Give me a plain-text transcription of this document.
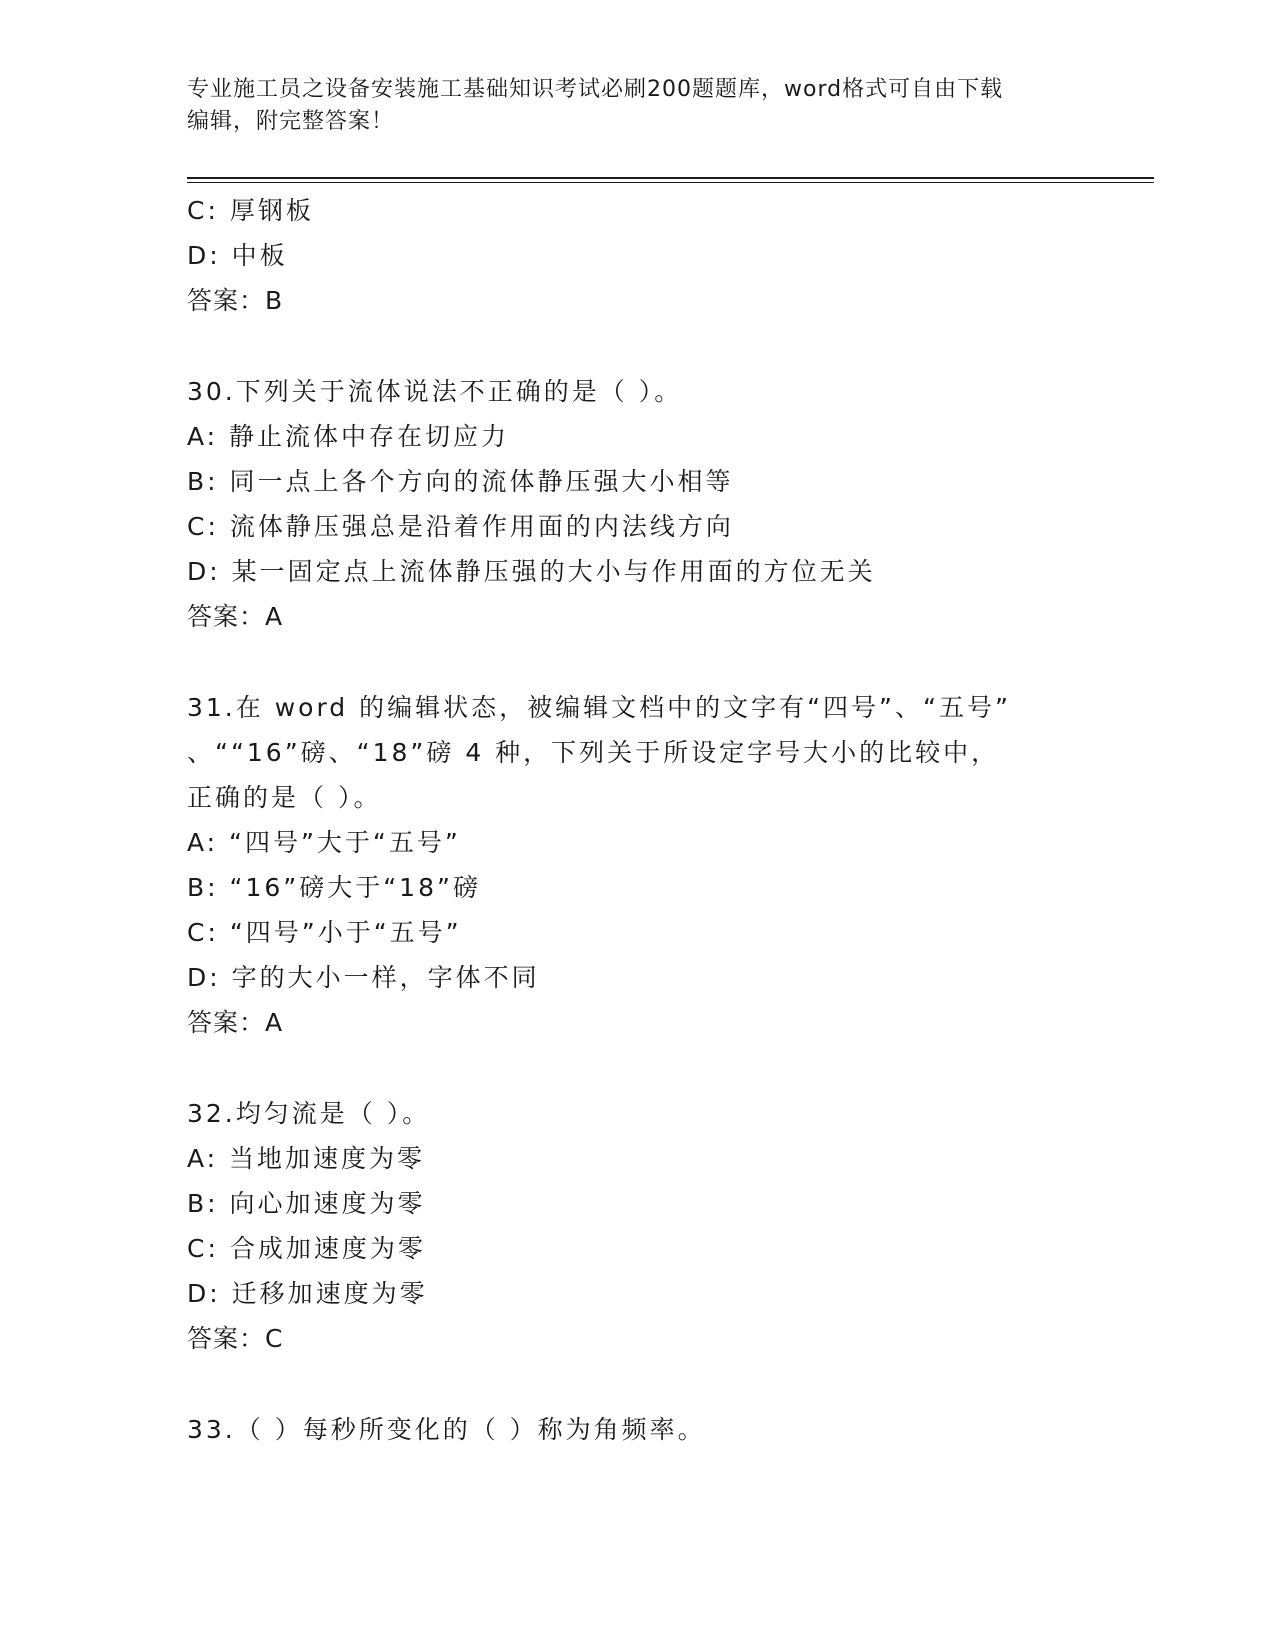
专业施工员之设备安装施工基础知识考试必刷200题题库，word格式可自由下载
编辑，附完整答案！
C: 厚钢板
D: 中板
答案：B
30.下列关于流体说法不正确的是（ ）。
A: 静止流体中存在切应力
B: 同一点上各个方向的流体静压强大小相等
C: 流体静压强总是沿着作用面的内法线方向
D: 某一固定点上流体静压强的大小与作用面的方位无关
答案：A
31.在 word 的编辑状态，被编辑文档中的文字有“四号”、“五号”
、““16”磅、“18”磅 4 种，下列关于所设定字号大小的比较中，
正确的是（ ）。
A: “四号”大于“五号”
B: “16”磅大于“18”磅
C: “四号”小于“五号”
D: 字的大小一样，字体不同
答案：A
32.均匀流是（ ）。
A: 当地加速度为零
B: 向心加速度为零
C: 合成加速度为零
D: 迁移加速度为零
答案：C
33.（ ）每秒所变化的（ ）称为角频率。
